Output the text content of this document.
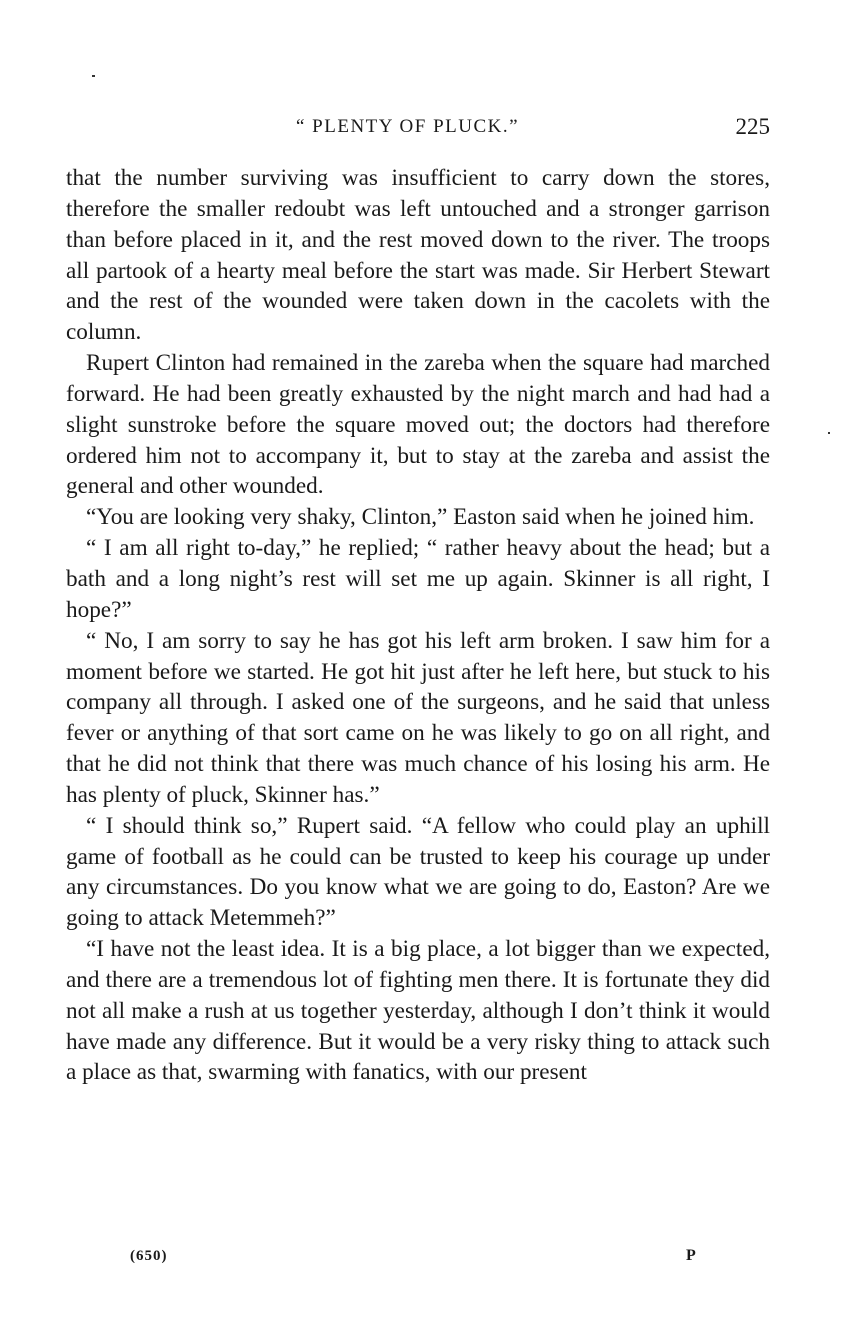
“ PLENTY OF PLUCK.”	225

that the number surviving was insufficient to carry down the stores, therefore the smaller redoubt was left untouched and a stronger garrison than before placed in it, and the rest moved down to the river. The troops all partook of a hearty meal before the start was made. Sir Herbert Stewart and the rest of the wounded were taken down in the cacolets with the column.

Rupert Clinton had remained in the zareba when the square had marched forward. He had been greatly exhausted by the night march and had had a slight sunstroke before the square moved out; the doctors had therefore ordered him not to accompany it, but to stay at the zareba and assist the general and other wounded.

“You are looking very shaky, Clinton,” Easton said when he joined him.

“ I am all right to-day,” he replied; “ rather heavy about the head; but a bath and a long night’s rest will set me up again. Skinner is all right, I hope?”

“ No, I am sorry to say he has got his left arm broken. I saw him for a moment before we started. He got hit just after he left here, but stuck to his company all through. I asked one of the surgeons, and he said that unless fever or anything of that sort came on he was likely to go on all right, and that he did not think that there was much chance of his losing his arm. He has plenty of pluck, Skinner has.”

“ I should think so,” Rupert said. “A fellow who could play an uphill game of football as he could can be trusted to keep his courage up under any circumstances. Do you know what we are going to do, Easton? Are we going to attack Metemmeh?”

“I have not the least idea. It is a big place, a lot bigger than we expected, and there are a tremendous lot of fighting men there. It is fortunate they did not all make a rush at us together yesterday, although I don’t think it would have made any difference. But it would be a very risky thing to attack such a place as that, swarming with fanatics, with our present

(650)	P
